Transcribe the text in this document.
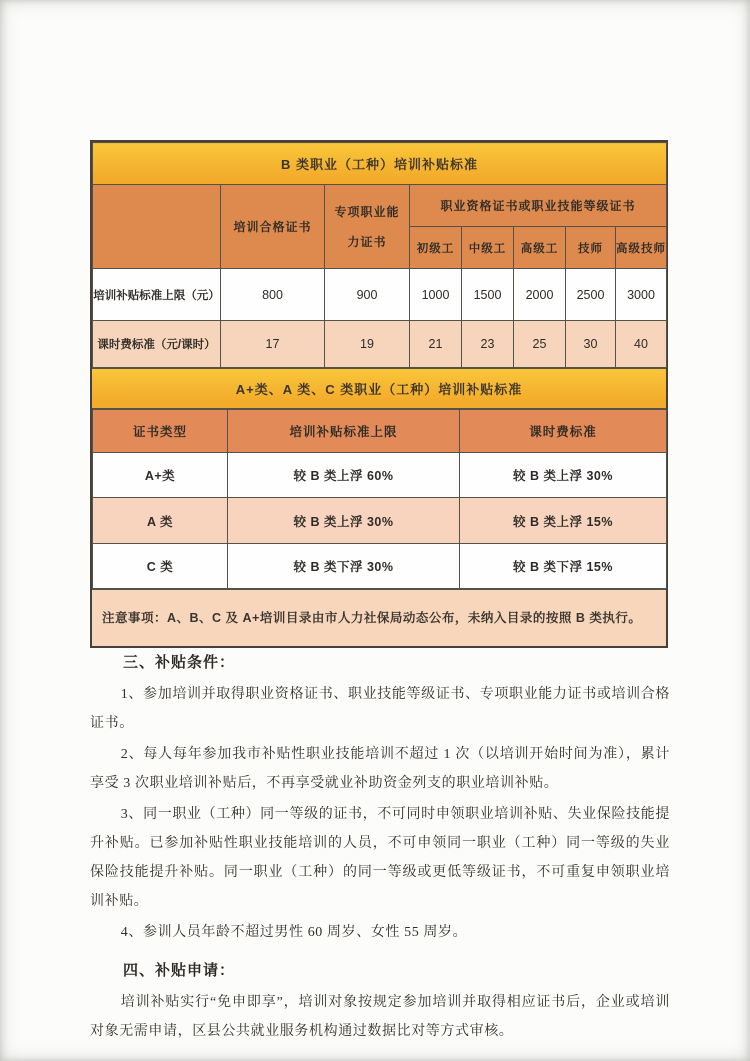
B 类职业（工种）培训补贴标准							
	培训合格证书	专项职业能
力证书	职业资格证书或职业技能等级证书				
			初级工	中级工	高级工	技师	高级技师
培训补贴标准上限（元）	800	900	1000	1500	2000	2500	3000
课时费标准（元/课时）	17	19	21	23	25	30	40
A+类、A 类、C 类职业（工种）培训补贴标准
证书类型	培训补贴标准上限	课时费标准
A+类	较 B 类上浮 60%	较 B 类上浮 30%
A 类	较 B 类上浮 30%	较 B 类上浮 15%
C 类	较 B 类下浮 30%	较 B 类下浮 15%
注意事项：A、B、C 及 A+培训目录由市人力社保局动态公布，未纳入目录的按照 B 类执行。
三、补贴条件：

1、参加培训并取得职业资格证书、职业技能等级证书、专项职业能力证书或培训合格证书。

2、每人每年参加我市补贴性职业技能培训不超过 1 次（以培训开始时间为准），累计享受 3 次职业培训补贴后，不再享受就业补助资金列支的职业培训补贴。

3、同一职业（工种）同一等级的证书，不可同时申领职业培训补贴、失业保险技能提升补贴。已参加补贴性职业技能培训的人员，不可申领同一职业（工种）同一等级的失业保险技能提升补贴。同一职业（工种）的同一等级或更低等级证书，不可重复申领职业培训补贴。

4、参训人员年龄不超过男性 60 周岁、女性 55 周岁。

四、补贴申请：

培训补贴实行“免申即享”，培训对象按规定参加培训并取得相应证书后，企业或培训对象无需申请，区县公共就业服务机构通过数据比对等方式审核。
